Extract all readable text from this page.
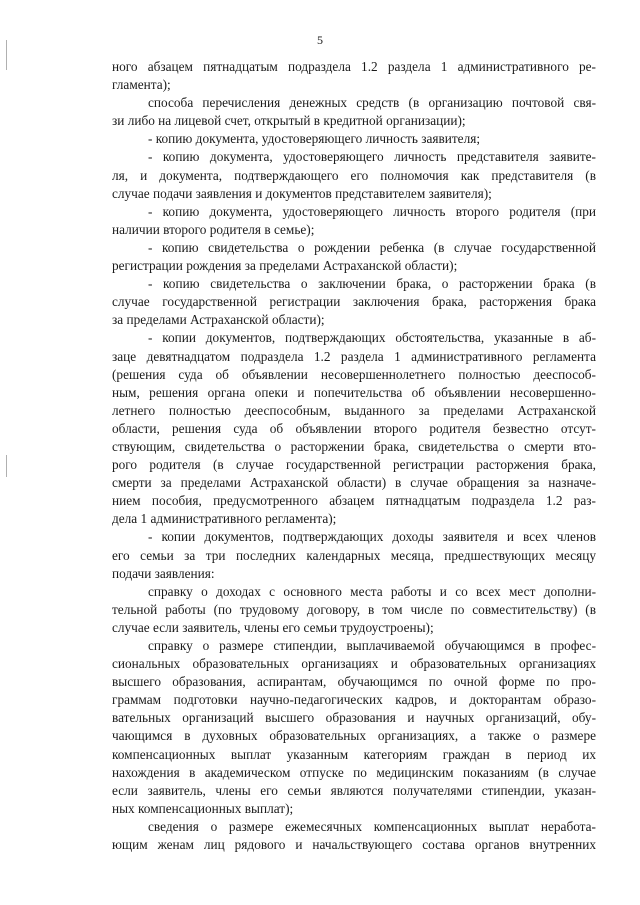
5
ного абзацем пятнадцатым подраздела 1.2 раздела 1 административного ре-
гламента);
способа перечисления денежных средств (в организацию почтовой свя-
зи либо на лицевой счет, открытый в кредитной организации);
- копию документа, удостоверяющего личность заявителя;
- копию документа, удостоверяющего личность представителя заявите-
ля, и документа, подтверждающего его полномочия как представителя (в
случае подачи заявления и документов представителем заявителя);
- копию документа, удостоверяющего личность второго родителя (при
наличии второго родителя в семье);
- копию свидетельства о рождении ребенка (в случае государственной
регистрации рождения за пределами Астраханской области);
- копию свидетельства о заключении брака, о расторжении брака (в
случае государственной регистрации заключения брака, расторжения брака
за пределами Астраханской области);
- копии документов, подтверждающих обстоятельства, указанные в аб-
заце девятнадцатом подраздела 1.2 раздела 1 административного регламента
(решения суда об объявлении несовершеннолетнего полностью дееспособ-
ным, решения органа опеки и попечительства об объявлении несовершенно-
летнего полностью дееспособным, выданного за пределами Астраханской
области, решения суда об объявлении второго родителя безвестно отсут-
ствующим, свидетельства о расторжении брака, свидетельства о смерти вто-
рого родителя (в случае государственной регистрации расторжения брака,
смерти за пределами Астраханской области) в случае обращения за назначе-
нием пособия, предусмотренного абзацем пятнадцатым подраздела 1.2 раз-
дела 1 административного регламента);
- копии документов, подтверждающих доходы заявителя и всех членов
его семьи за три последних календарных месяца, предшествующих месяцу
подачи заявления:
справку о доходах с основного места работы и со всех мест дополни-
тельной работы (по трудовому договору, в том числе по совместительству) (в
случае если заявитель, члены его семьи трудоустроены);
справку о размере стипендии, выплачиваемой обучающимся в профес-
сиональных образовательных организациях и образовательных организациях
высшего образования, аспирантам, обучающимся по очной форме по про-
граммам подготовки научно-педагогических кадров, и докторантам образо-
вательных организаций высшего образования и научных организаций, обу-
чающимся в духовных образовательных организациях, а также о размере
компенсационных выплат указанным категориям граждан в период их
нахождения в академическом отпуске по медицинским показаниям (в случае
если заявитель, члены его семьи являются получателями стипендии, указан-
ных компенсационных выплат);
сведения о размере ежемесячных компенсационных выплат неработа-
ющим женам лиц рядового и начальствующего состава органов внутренних
